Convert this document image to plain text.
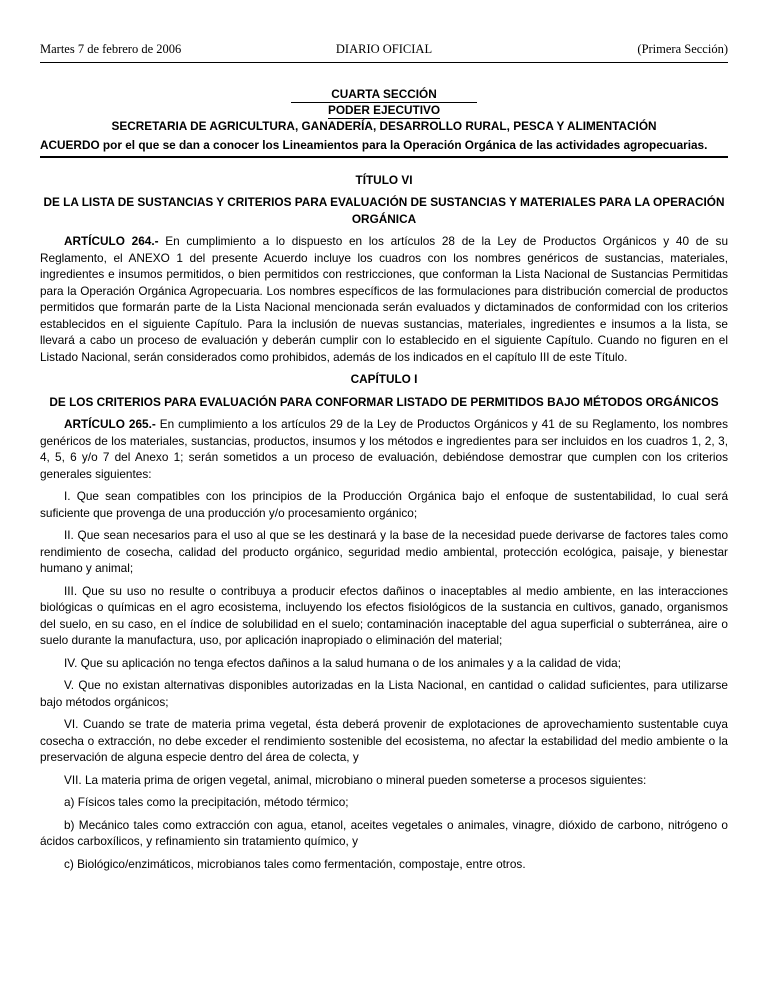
Martes 7 de febrero de 2006	DIARIO OFICIAL	(Primera Sección)
CUARTA SECCIÓN
PODER EJECUTIVO
SECRETARIA DE AGRICULTURA, GANADERÍA, DESARROLLO RURAL, PESCA Y ALIMENTACIÓN

ACUERDO por el que se dan a conocer los Lineamientos para la Operación Orgánica de las actividades agropecuarias.

TÍTULO VI

DE LA LISTA DE SUSTANCIAS Y CRITERIOS PARA EVALUACIÓN DE SUSTANCIAS Y MATERIALES PARA LA OPERACIÓN ORGÁNICA

ARTÍCULO 264.- En cumplimiento a lo dispuesto en los artículos 28 de la Ley de Productos Orgánicos y 40 de su Reglamento, el ANEXO 1 del presente Acuerdo incluye los cuadros con los nombres genéricos de sustancias, materiales, ingredientes e insumos permitidos, o bien permitidos con restricciones, que conforman la Lista Nacional de Sustancias Permitidas para la Operación Orgánica Agropecuaria. Los nombres específicos de las formulaciones para distribución comercial de productos permitidos que formarán parte de la Lista Nacional mencionada serán evaluados y dictaminados de conformidad con los criterios establecidos en el siguiente Capítulo. Para la inclusión de nuevas sustancias, materiales, ingredientes e insumos a la lista, se llevará a cabo un proceso de evaluación y deberán cumplir con lo establecido en el siguiente Capítulo. Cuando no figuren en el Listado Nacional, serán considerados como prohibidos, además de los indicados en el capítulo III de este Título.

CAPÍTULO I

DE LOS CRITERIOS PARA EVALUACIÓN PARA CONFORMAR LISTADO DE PERMITIDOS BAJO MÉTODOS ORGÁNICOS

ARTÍCULO 265.- En cumplimiento a los artículos 29 de la Ley de Productos Orgánicos y 41 de su Reglamento, los nombres genéricos de los materiales, sustancias, productos, insumos y los métodos e ingredientes para ser incluidos en los cuadros 1, 2, 3, 4, 5, 6 y/o 7 del Anexo 1; serán sometidos a un proceso de evaluación, debiéndose demostrar que cumplen con los criterios generales siguientes:

I. Que sean compatibles con los principios de la Producción Orgánica bajo el enfoque de sustentabilidad, lo cual será suficiente que provenga de una producción y/o procesamiento orgánico;

II. Que sean necesarios para el uso al que se les destinará y la base de la necesidad puede derivarse de factores tales como rendimiento de cosecha, calidad del producto orgánico, seguridad medio ambiental, protección ecológica, paisaje, y bienestar humano y animal;

III. Que su uso no resulte o contribuya a producir efectos dañinos o inaceptables al medio ambiente, en las interacciones biológicas o químicas en el agro ecosistema, incluyendo los efectos fisiológicos de la sustancia en cultivos, ganado, organismos del suelo, en su caso, en el índice de solubilidad en el suelo; contaminación inaceptable del agua superficial o subterránea, aire o suelo durante la manufactura, uso, por aplicación inapropiado o eliminación del material;

IV. Que su aplicación no tenga efectos dañinos a la salud humana o de los animales y a la calidad de vida;

V. Que no existan alternativas disponibles autorizadas en la Lista Nacional, en cantidad o calidad suficientes, para utilizarse bajo métodos orgánicos;

VI. Cuando se trate de materia prima vegetal, ésta deberá provenir de explotaciones de aprovechamiento sustentable cuya cosecha o extracción, no debe exceder el rendimiento sostenible del ecosistema, no afectar la estabilidad del medio ambiente o la preservación de alguna especie dentro del área de colecta, y

VII. La materia prima de origen vegetal, animal, microbiano o mineral pueden someterse a procesos siguientes:

a) Físicos tales como la precipitación, método térmico;

b) Mecánico tales como extracción con agua, etanol, aceites vegetales o animales, vinagre, dióxido de carbono, nitrógeno o ácidos carboxílicos, y refinamiento sin tratamiento químico, y

c) Biológico/enzimáticos, microbianos tales como fermentación, compostaje, entre otros.
